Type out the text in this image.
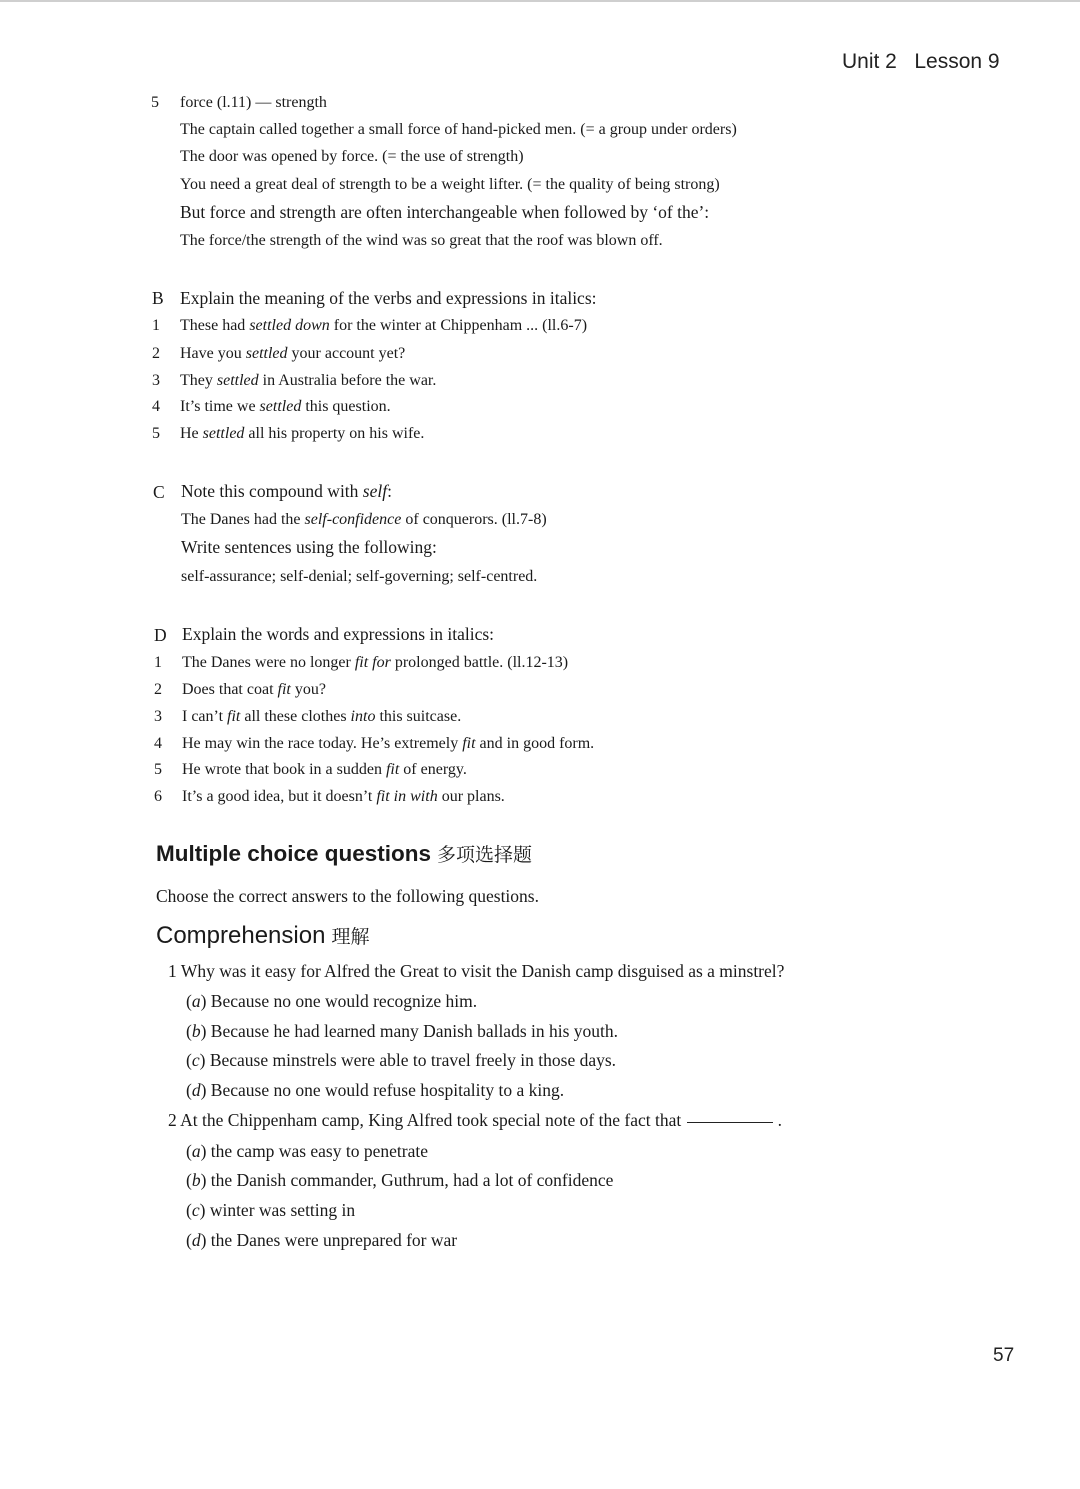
Unit 2   Lesson 9
5 force (l.11) — strength
The captain called together a small force of hand-picked men. (= a group under orders)
The door was opened by force. (= the use of strength)
You need a great deal of strength to be a weight lifter. (= the quality of being strong)
But force and strength are often interchangeable when followed by ‘of the’:
The force/the strength of the wind was so great that the roof was blown off.
B Explain the meaning of the verbs and expressions in italics:
1 These had settled down for the winter at Chippenham ... (ll.6-7)
2 Have you settled your account yet?
3 They settled in Australia before the war.
4 It’s time we settled this question.
5 He settled all his property on his wife.
C Note this compound with self:
The Danes had the self-confidence of conquerors. (ll.7-8)
Write sentences using the following:
self-assurance; self-denial; self-governing; self-centred.
D Explain the words and expressions in italics:
1 The Danes were no longer fit for prolonged battle. (ll.12-13)
2 Does that coat fit you?
3 I can’t fit all these clothes into this suitcase.
4 He may win the race today. He’s extremely fit and in good form.
5 He wrote that book in a sudden fit of energy.
6 It’s a good idea, but it doesn’t fit in with our plans.
Multiple choice questions 多项选择题
Choose the correct answers to the following questions.
Comprehension 理解
1 Why was it easy for Alfred the Great to visit the Danish camp disguised as a minstrel?
(a) Because no one would recognize him.
(b) Because he had learned many Danish ballads in his youth.
(c) Because minstrels were able to travel freely in those days.
(d) Because no one would refuse hospitality to a king.
2 At the Chippenham camp, King Alfred took special note of the fact that	.
(a) the camp was easy to penetrate
(b) the Danish commander, Guthrum, had a lot of confidence
(c) winter was setting in
(d) the Danes were unprepared for war
57
